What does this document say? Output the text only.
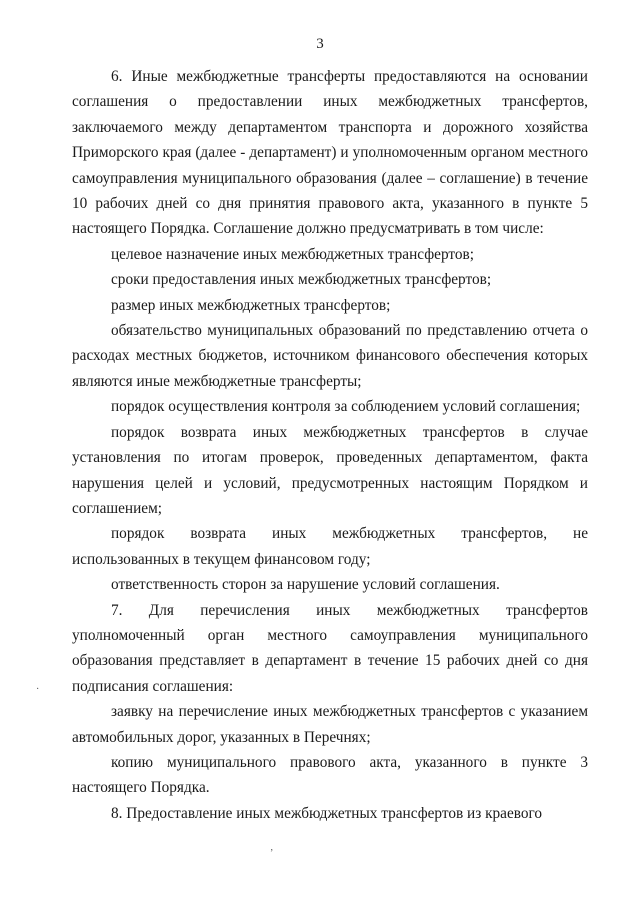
3

6. Иные межбюджетные трансферты предоставляются на основании соглашения о предоставлении иных межбюджетных трансфертов, заключаемого между департаментом транспорта и дорожного хозяйства Приморского края (далее - департамент) и уполномоченным органом местного самоуправления муниципального образования (далее – соглашение) в течение 10 рабочих дней со дня принятия правового акта, указанного в пункте 5 настоящего Порядка. Соглашение должно предусматривать в том числе:

целевое назначение иных межбюджетных трансфертов;

сроки предоставления иных межбюджетных трансфертов;

размер иных межбюджетных трансфертов;

обязательство муниципальных образований по представлению отчета о расходах местных бюджетов, источником финансового обеспечения которых являются иные межбюджетные трансферты;

порядок осуществления контроля за соблюдением условий соглашения;

порядок возврата иных межбюджетных трансфертов в случае установления по итогам проверок, проведенных департаментом, факта нарушения целей и условий, предусмотренных настоящим Порядком и соглашением;

порядок возврата иных межбюджетных трансфертов, не использованных в текущем финансовом году;

ответственность сторон за нарушение условий соглашения.

7. Для перечисления иных межбюджетных трансфертов уполномоченный орган местного самоуправления муниципального образования представляет в департамент в течение 15 рабочих дней со дня подписания соглашения:

заявку на перечисление иных межбюджетных трансфертов с указанием автомобильных дорог, указанных в Перечнях;

копию муниципального правового акта, указанного в пункте 3 настоящего Порядка.

8. Предоставление иных межбюджетных трансфертов из краевого

·
ʼ
